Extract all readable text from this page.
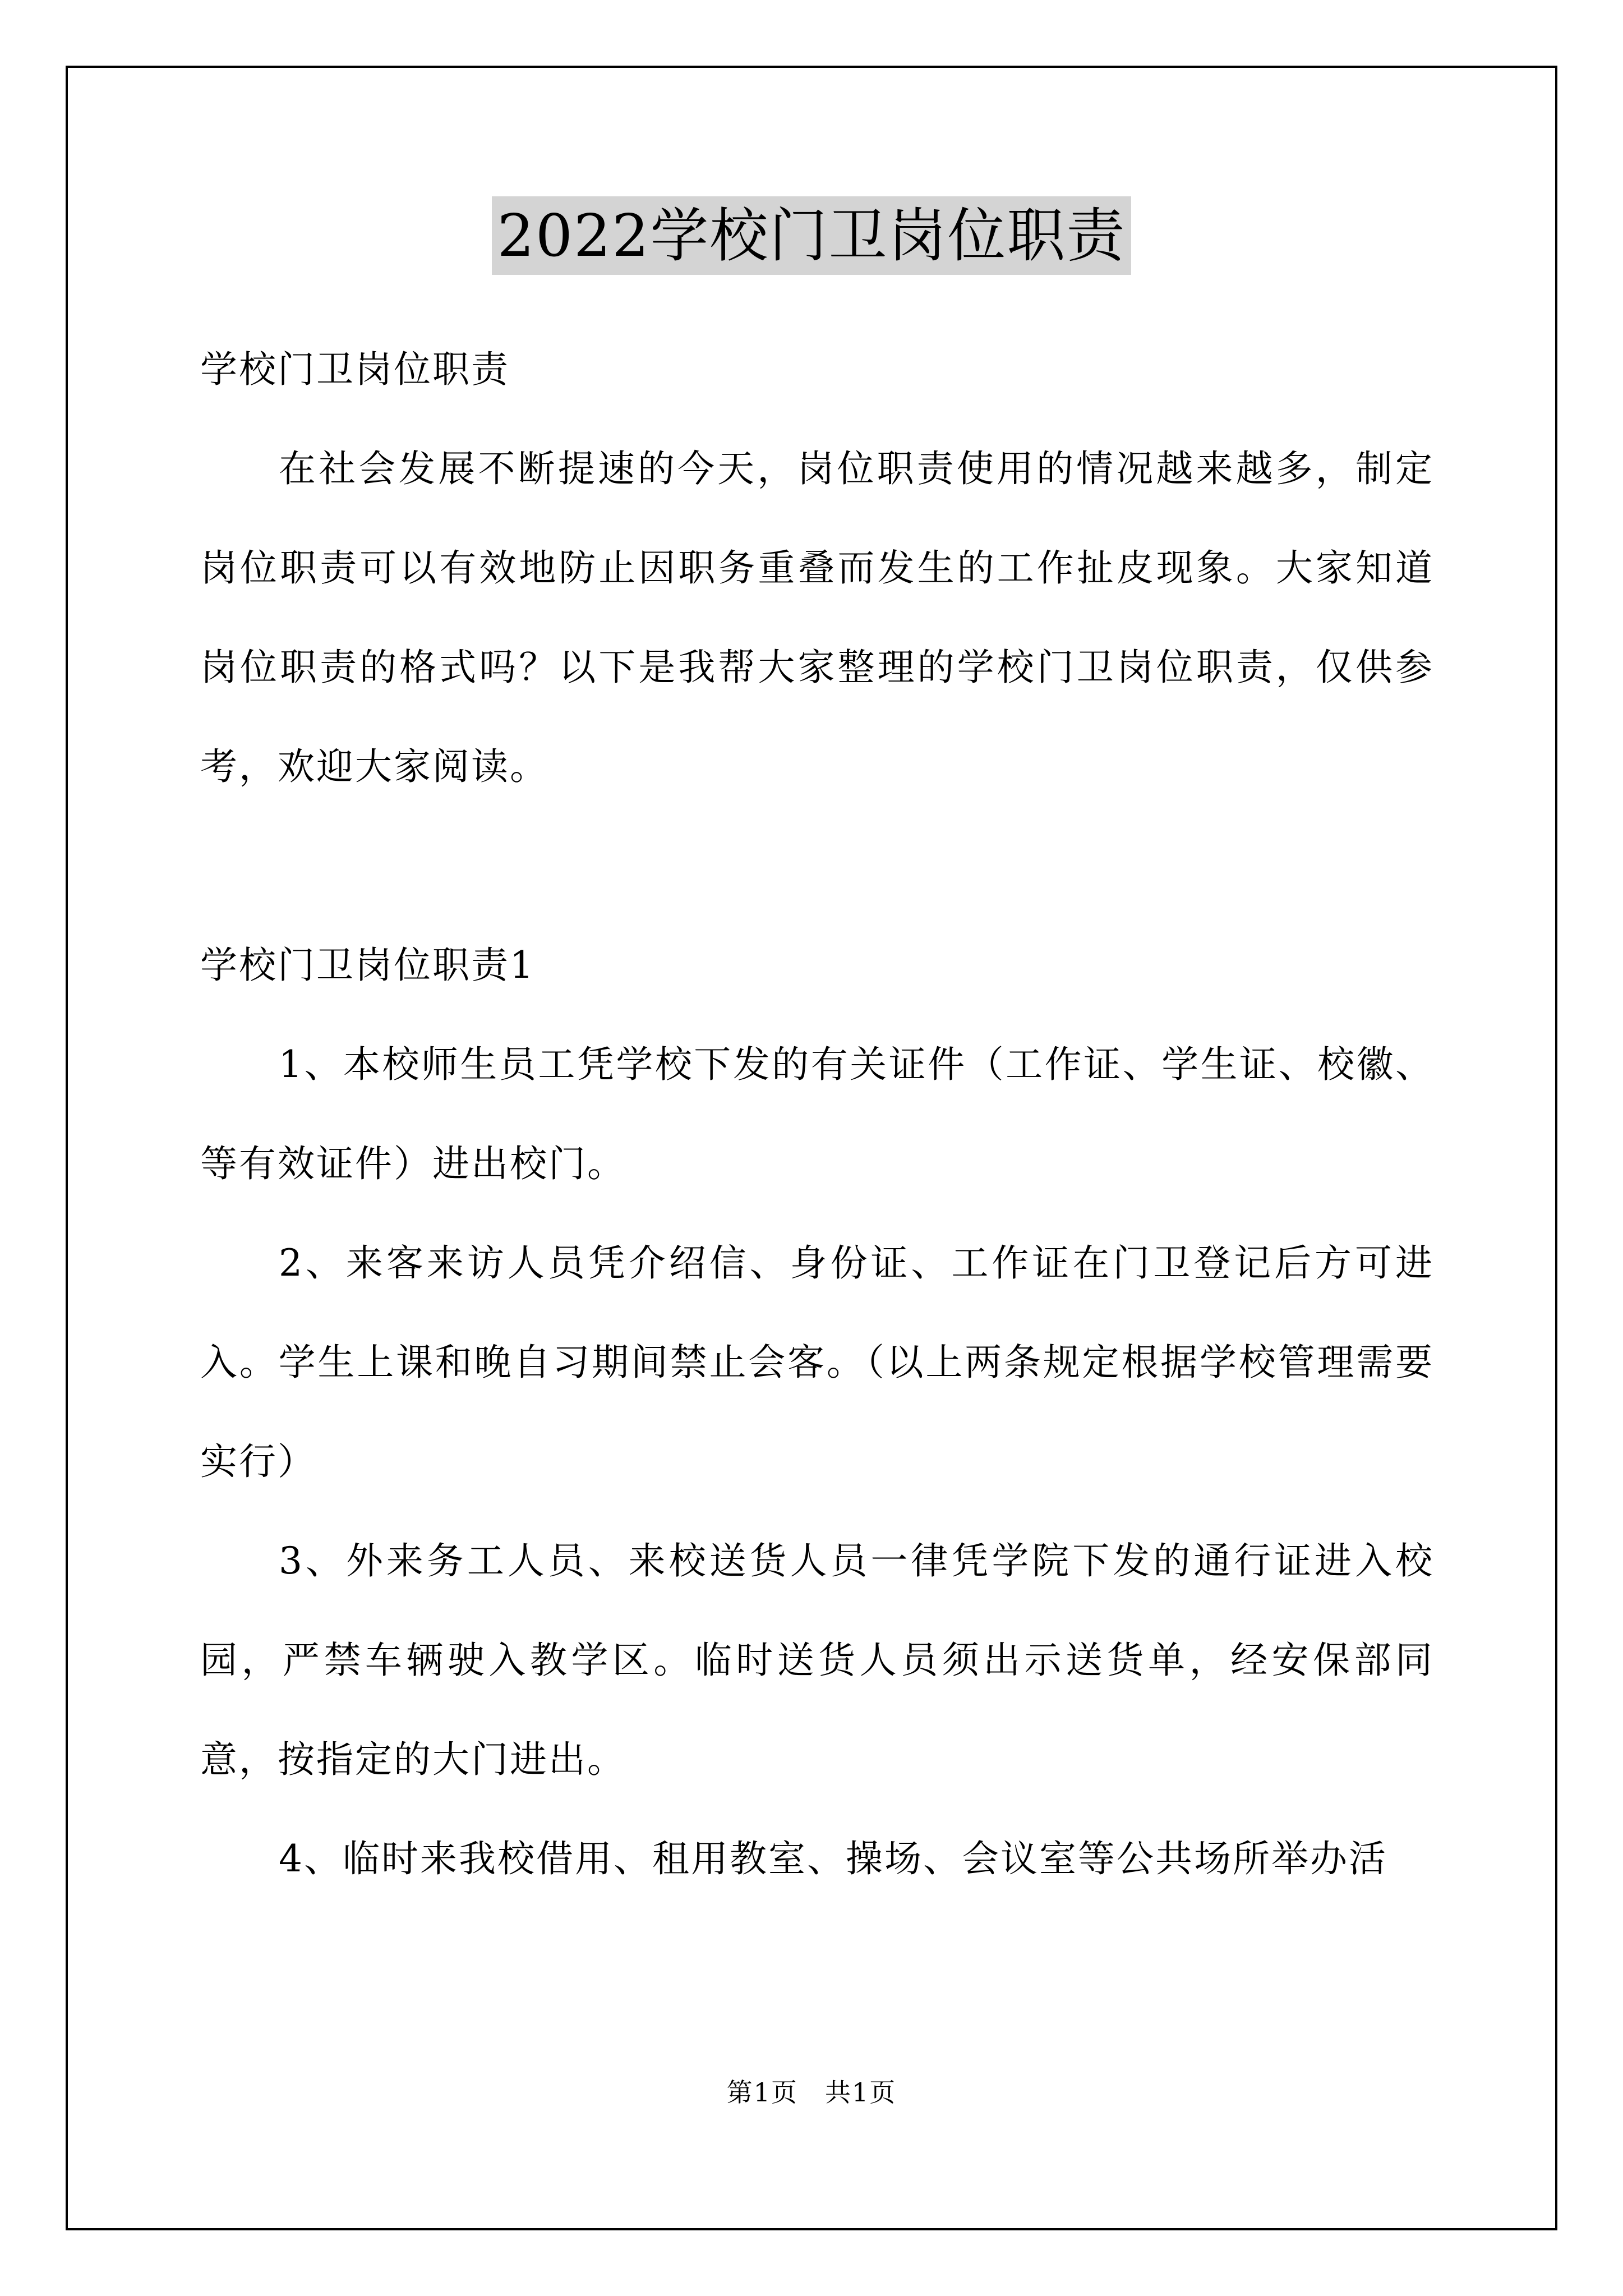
2022学校门卫岗位职责

学校门卫岗位职责

在社会发展不断提速的今天，岗位职责使用的情况越来越多，制定岗位职责可以有效地防止因职务重叠而发生的工作扯皮现象。大家知道岗位职责的格式吗？以下是我帮大家整理的学校门卫岗位职责，仅供参考，欢迎大家阅读。

学校门卫岗位职责1

1、本校师生员工凭学校下发的有关证件（工作证、学生证、校徽、等有效证件）进出校门。

2、来客来访人员凭介绍信、身份证、工作证在门卫登记后方可进入。学生上课和晚自习期间禁止会客。（以上两条规定根据学校管理需要实行）

3、外来务工人员、来校送货人员一律凭学院下发的通行证进入校园，严禁车辆驶入教学区。临时送货人员须出示送货单，经安保部同意，按指定的大门进出。

4、临时来我校借用、租用教室、操场、会议室等公共场所举办活

第1页　共1页
